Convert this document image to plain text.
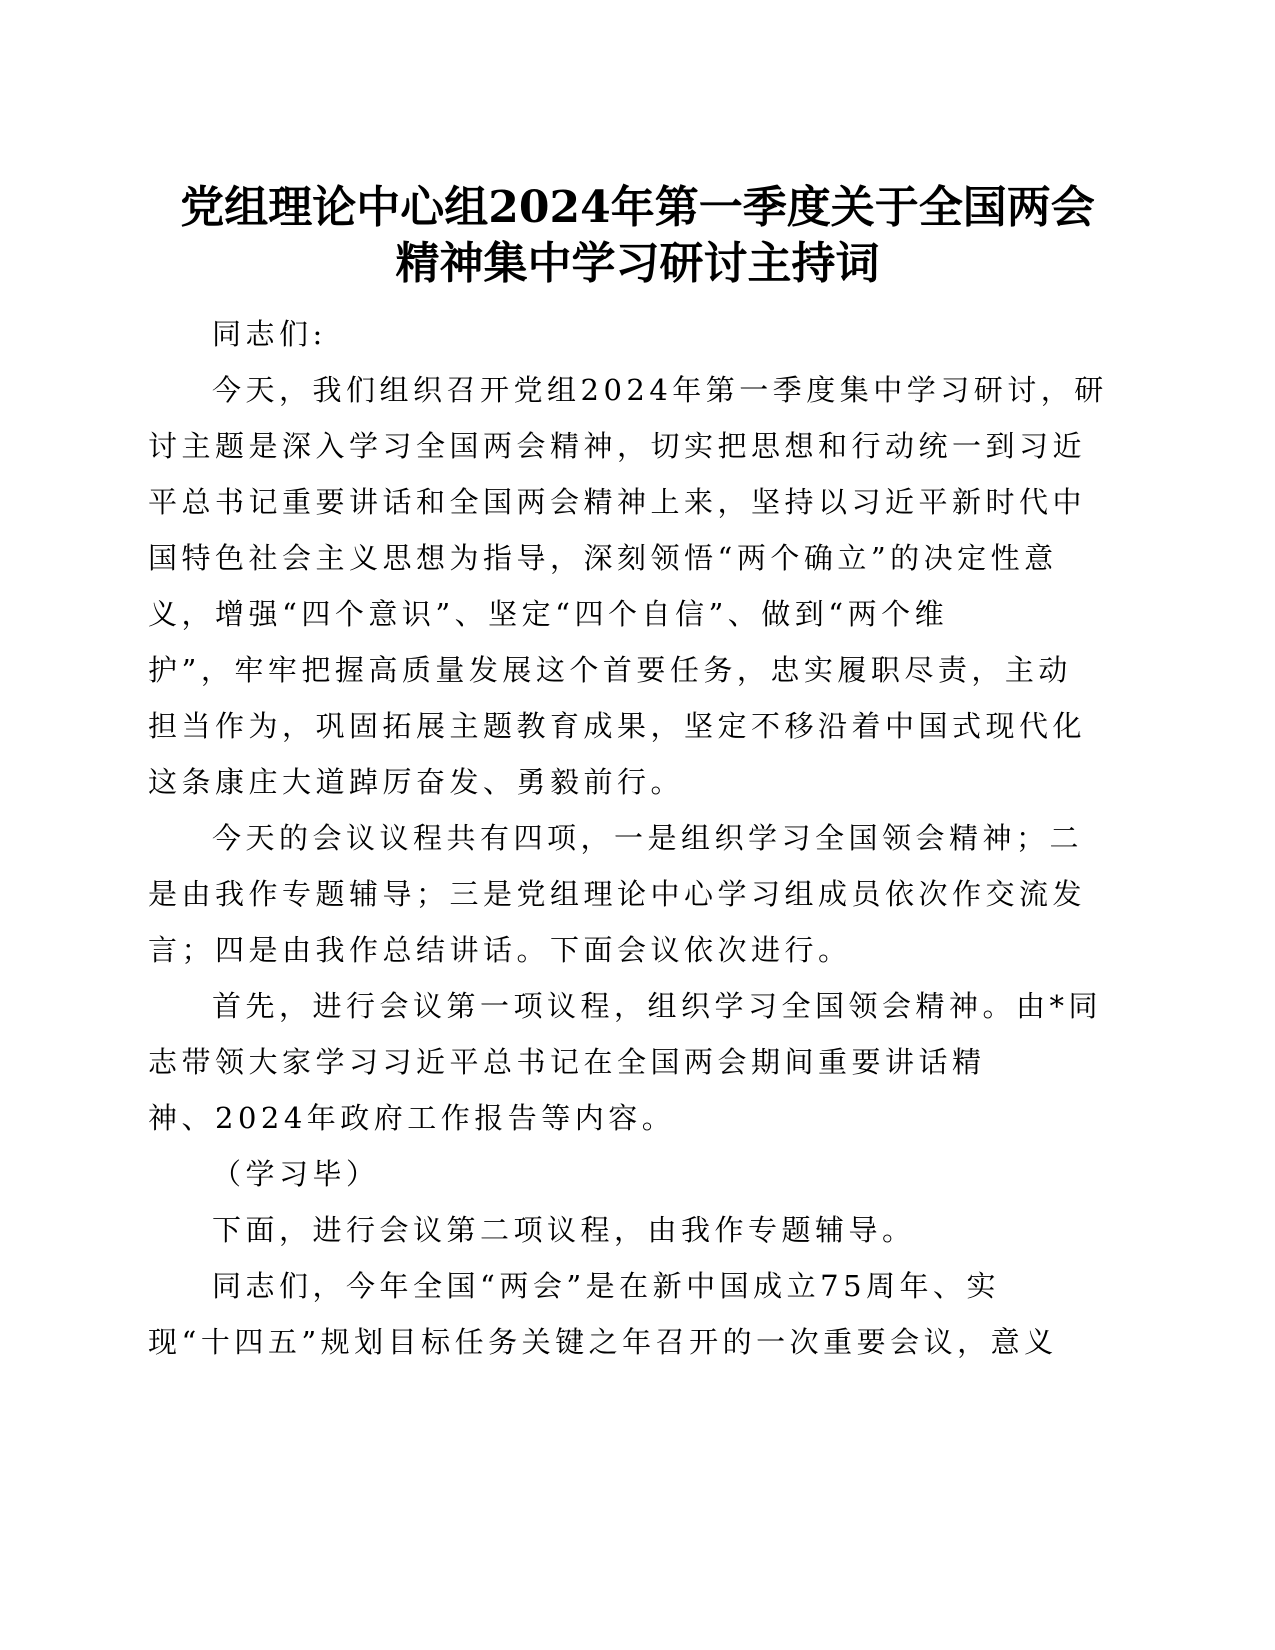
党组理论中心组2024年第一季度关于全国两会
精神集中学习研讨主持词
同志们:
今天，我们组织召开党组2024年第一季度集中学习研讨，研
讨主题是深入学习全国两会精神，切实把思想和行动统一到习近
平总书记重要讲话和全国两会精神上来，坚持以习近平新时代中
国特色社会主义思想为指导，深刻领悟“两个确立”的决定性意
义，增强“四个意识”、坚定“四个自信”、做到“两个维
护”，牢牢把握高质量发展这个首要任务，忠实履职尽责，主动
担当作为，巩固拓展主题教育成果，坚定不移沿着中国式现代化
这条康庄大道踔厉奋发、勇毅前行。
今天的会议议程共有四项，一是组织学习全国领会精神；二
是由我作专题辅导；三是党组理论中心学习组成员依次作交流发
言；四是由我作总结讲话。下面会议依次进行。
首先，进行会议第一项议程，组织学习全国领会精神。由*同
志带领大家学习习近平总书记在全国两会期间重要讲话精
神、2024年政府工作报告等内容。
（学习毕）
下面，进行会议第二项议程，由我作专题辅导。
同志们，今年全国“两会”是在新中国成立75周年、实
现“十四五”规划目标任务关键之年召开的一次重要会议，意义
